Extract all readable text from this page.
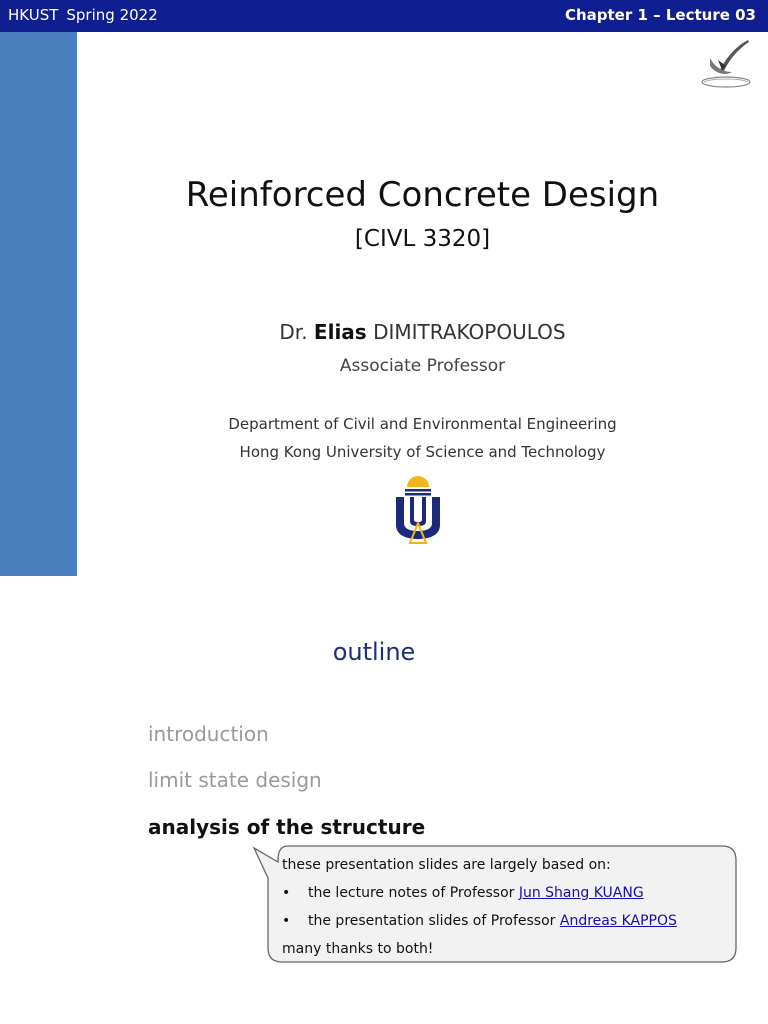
HKUST Spring 2022	Chapter 1 – Lecture 03
Reinforced Concrete Design
[CIVL 3320]
Dr. Elias DIMITRAKOPOULOS
Associate Professor
Department of Civil and Environmental Engineering
Hong Kong University of Science and Technology
outline
introduction
limit state design
analysis of the structure
these presentation slides are largely based on:
• the lecture notes of Professor Jun Shang KUANG
• the presentation slides of Professor Andreas KAPPOS
many thanks to both!
